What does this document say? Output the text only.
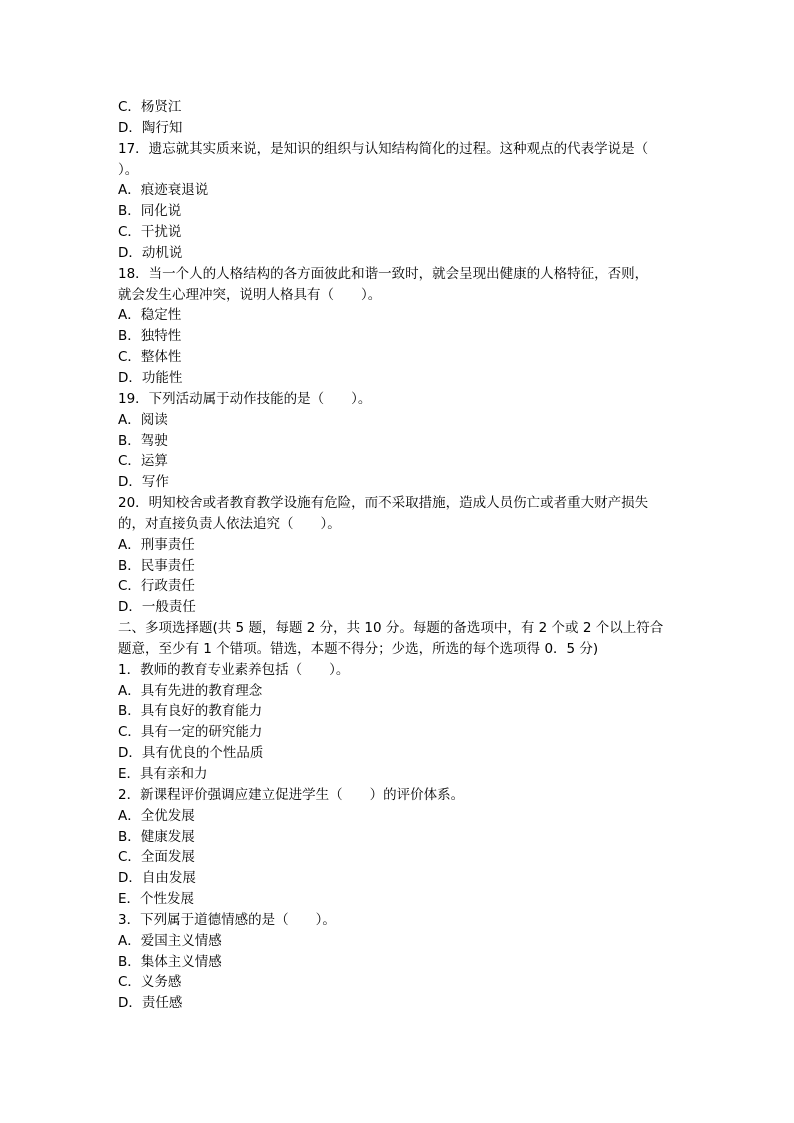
C．杨贤江
D．陶行知
17．遗忘就其实质来说，是知识的组织与认知结构简化的过程。这种观点的代表学说是（
）。
A．痕迹衰退说
B．同化说
C．干扰说
D．动机说
18．当一个人的人格结构的各方面彼此和谐一致时，就会呈现出健康的人格特征，否则，
就会发生心理冲突，说明人格具有（　　）。
A．稳定性
B．独特性
C．整体性
D．功能性
19．下列活动属于动作技能的是（　　）。
A．阅读
B．驾驶
C．运算
D．写作
20．明知校舍或者教育教学设施有危险，而不采取措施，造成人员伤亡或者重大财产损失
的，对直接负责人依法追究（　　）。
A．刑事责任
B．民事责任
C．行政责任
D．一般责任
二、多项选择题(共 5 题，每题 2 分，共 10 分。每题的备选项中，有 2 个或 2 个以上符合
题意，至少有 1 个错项。错选，本题不得分；少选，所选的每个选项得 0．5 分)
1．教师的教育专业素养包括（　　）。
A．具有先进的教育理念
B．具有良好的教育能力
C．具有一定的研究能力
D．具有优良的个性品质
E．具有亲和力
2．新课程评价强调应建立促进学生（　　）的评价体系。
A．全优发展
B．健康发展
C．全面发展
D．自由发展
E．个性发展
3．下列属于道德情感的是（　　）。
A．爱国主义情感
B．集体主义情感
C．义务感
D．责任感
